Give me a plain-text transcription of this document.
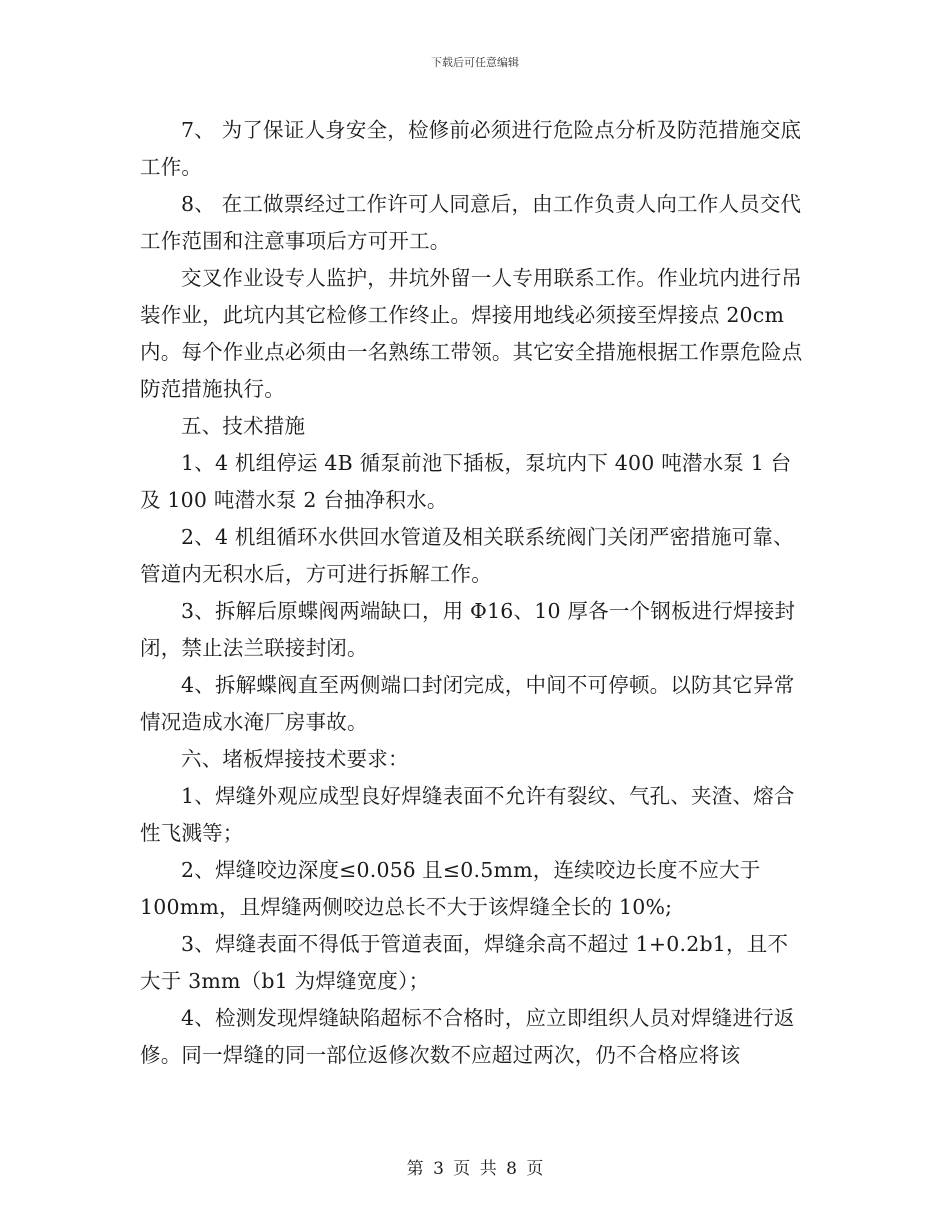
下载后可任意编辑

7、 为了保证人身安全，检修前必须进行危险点分析及防范措施交底工作。

8、 在工做票经过工作许可人同意后，由工作负责人向工作人员交代工作范围和注意事项后方可开工。

交叉作业设专人监护，井坑外留一人专用联系工作。作业坑内进行吊装作业，此坑内其它检修工作终止。焊接用地线必须接至焊接点 20cm 内。每个作业点必须由一名熟练工带领。其它安全措施根据工作票危险点防范措施执行。

五、技术措施

1、4 机组停运 4B 循泵前池下插板，泵坑内下 400 吨潜水泵 1 台及 100 吨潜水泵 2 台抽净积水。

2、4 机组循环水供回水管道及相关联系统阀门关闭严密措施可靠、管道内无积水后，方可进行拆解工作。

3、拆解后原蝶阀两端缺口，用 Φ16、10 厚各一个钢板进行焊接封闭，禁止法兰联接封闭。

4、拆解蝶阀直至两侧端口封闭完成，中间不可停顿。以防其它异常情况造成水淹厂房事故。

六、堵板焊接技术要求：

1、焊缝外观应成型良好焊缝表面不允许有裂纹、气孔、夹渣、熔合性飞溅等；

2、焊缝咬边深度≤0.05δ 且≤0.5mm，连续咬边长度不应大于 100mm，且焊缝两侧咬边总长不大于该焊缝全长的 10%;

3、焊缝表面不得低于管道表面，焊缝余高不超过 1+0.2b1，且不大于 3mm（b1 为焊缝宽度）；

4、检测发现焊缝缺陷超标不合格时，应立即组织人员对焊缝进行返修。同一焊缝的同一部位返修次数不应超过两次，仍不合格应将该

第 3 页 共 8 页
